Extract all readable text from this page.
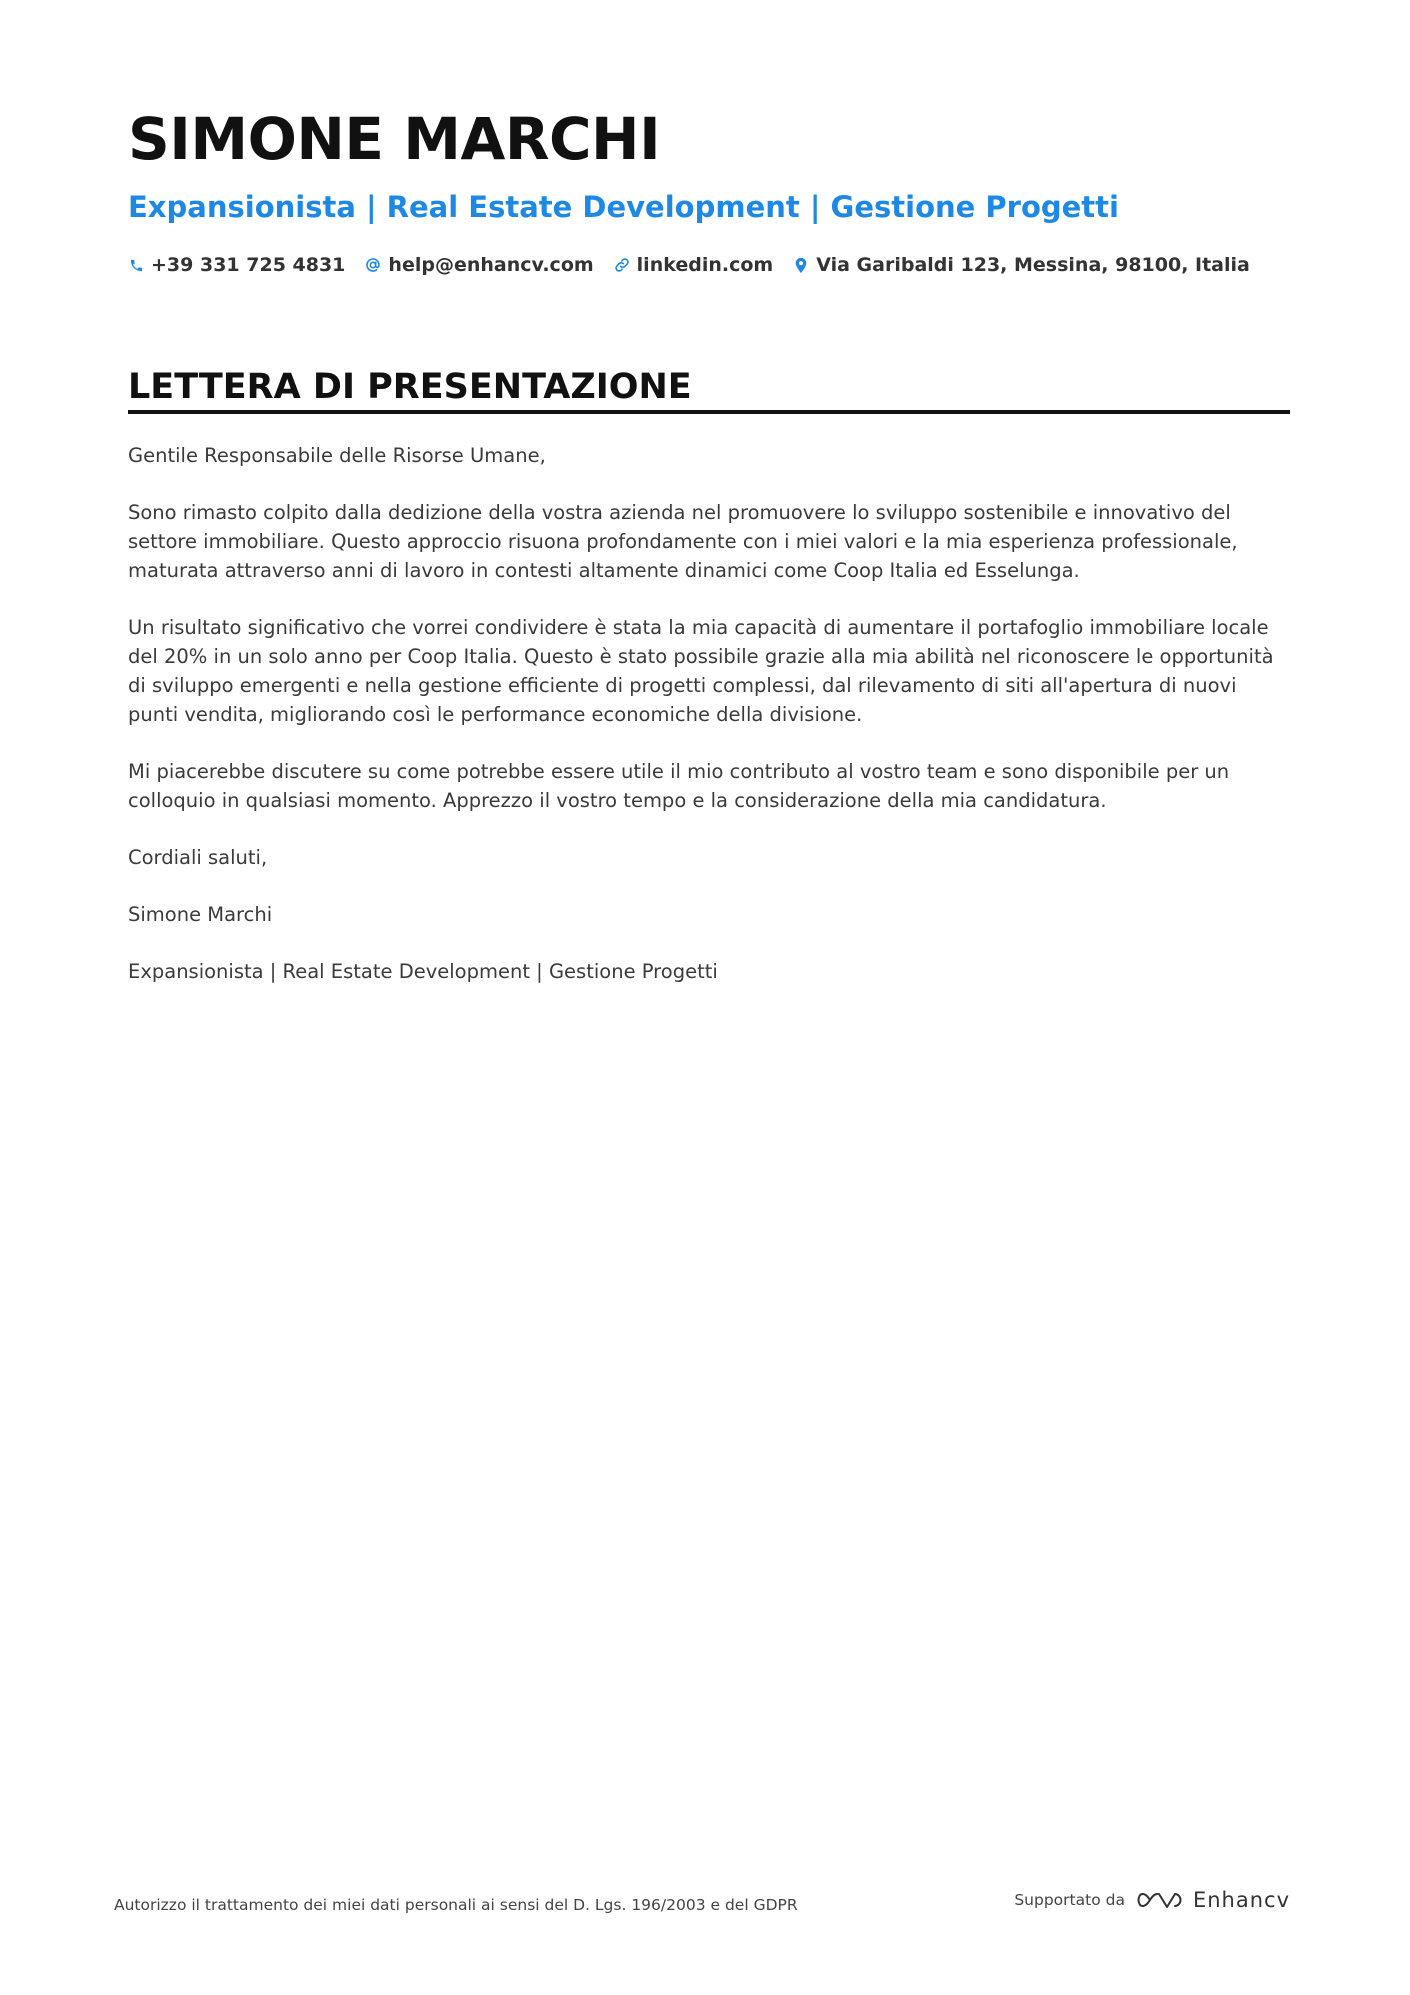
SIMONE MARCHI
Expansionista | Real Estate Development | Gestione Progetti
+39 331 725 4831 help@enhancv.com linkedin.com Via Garibaldi 123, Messina, 98100, Italia
LETTERA DI PRESENTAZIONE

Gentile Responsabile delle Risorse Umane,

Sono rimasto colpito dalla dedizione della vostra azienda nel promuovere lo sviluppo sostenibile e innovativo del settore immobiliare. Questo approccio risuona profondamente con i miei valori e la mia esperienza professionale, maturata attraverso anni di lavoro in contesti altamente dinamici come Coop Italia ed Esselunga.

Un risultato significativo che vorrei condividere è stata la mia capacità di aumentare il portafoglio immobiliare locale del 20% in un solo anno per Coop Italia. Questo è stato possibile grazie alla mia abilità nel riconoscere le opportunità di sviluppo emergenti e nella gestione efficiente di progetti complessi, dal rilevamento di siti all'apertura di nuovi punti vendita, migliorando così le performance economiche della divisione.

Mi piacerebbe discutere su come potrebbe essere utile il mio contributo al vostro team e sono disponibile per un colloquio in qualsiasi momento. Apprezzo il vostro tempo e la considerazione della mia candidatura.

Cordiali saluti,

Simone Marchi

Expansionista | Real Estate Development | Gestione Progetti

Autorizzo il trattamento dei miei dati personali ai sensi del D. Lgs. 196/2003 e del GDPR	Supportato da	Enhancv
